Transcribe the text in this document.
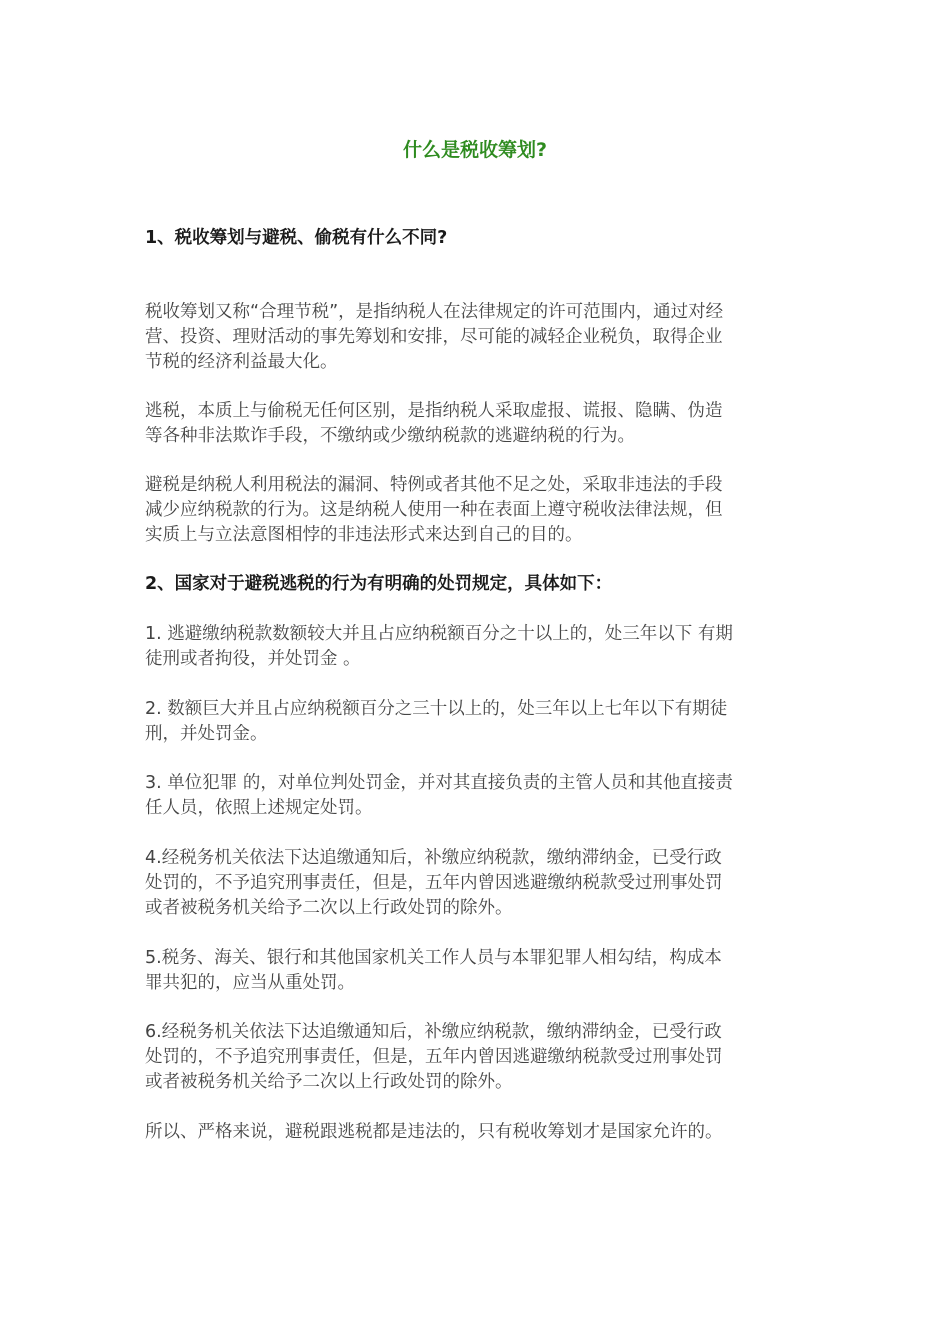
什么是税收筹划?
1、税收筹划与避税、偷税有什么不同?

税收筹划又称“合理节税”，是指纳税人在法律规定的许可范围内，通过对经
营、投资、理财活动的事先筹划和安排，尽可能的减轻企业税负，取得企业
节税的经济利益最大化。

逃税，本质上与偷税无任何区别，是指纳税人采取虚报、谎报、隐瞒、伪造
等各种非法欺诈手段，不缴纳或少缴纳税款的逃避纳税的行为。

避税是纳税人利用税法的漏洞、特例或者其他不足之处，采取非违法的手段
减少应纳税款的行为。这是纳税人使用一种在表面上遵守税收法律法规，但
实质上与立法意图相悖的非违法形式来达到自己的目的。

2、国家对于避税逃税的行为有明确的处罚规定，具体如下：

1. 逃避缴纳税款数额较大并且占应纳税额百分之十以上的，处三年以下 有期
徒刑或者拘役，并处罚金 。

2. 数额巨大并且占应纳税额百分之三十以上的，处三年以上七年以下有期徒
刑，并处罚金。

3. 单位犯罪 的，对单位判处罚金，并对其直接负责的主管人员和其他直接责
任人员，依照上述规定处罚。

4.经税务机关依法下达追缴通知后，补缴应纳税款，缴纳滞纳金，已受行政
处罚的，不予追究刑事责任，但是，五年内曾因逃避缴纳税款受过刑事处罚
或者被税务机关给予二次以上行政处罚的除外。

5.税务、海关、银行和其他国家机关工作人员与本罪犯罪人相勾结，构成本
罪共犯的，应当从重处罚。

6.经税务机关依法下达追缴通知后，补缴应纳税款，缴纳滞纳金，已受行政
处罚的，不予追究刑事责任，但是，五年内曾因逃避缴纳税款受过刑事处罚
或者被税务机关给予二次以上行政处罚的除外。

所以、严格来说，避税跟逃税都是违法的，只有税收筹划才是国家允许的。
